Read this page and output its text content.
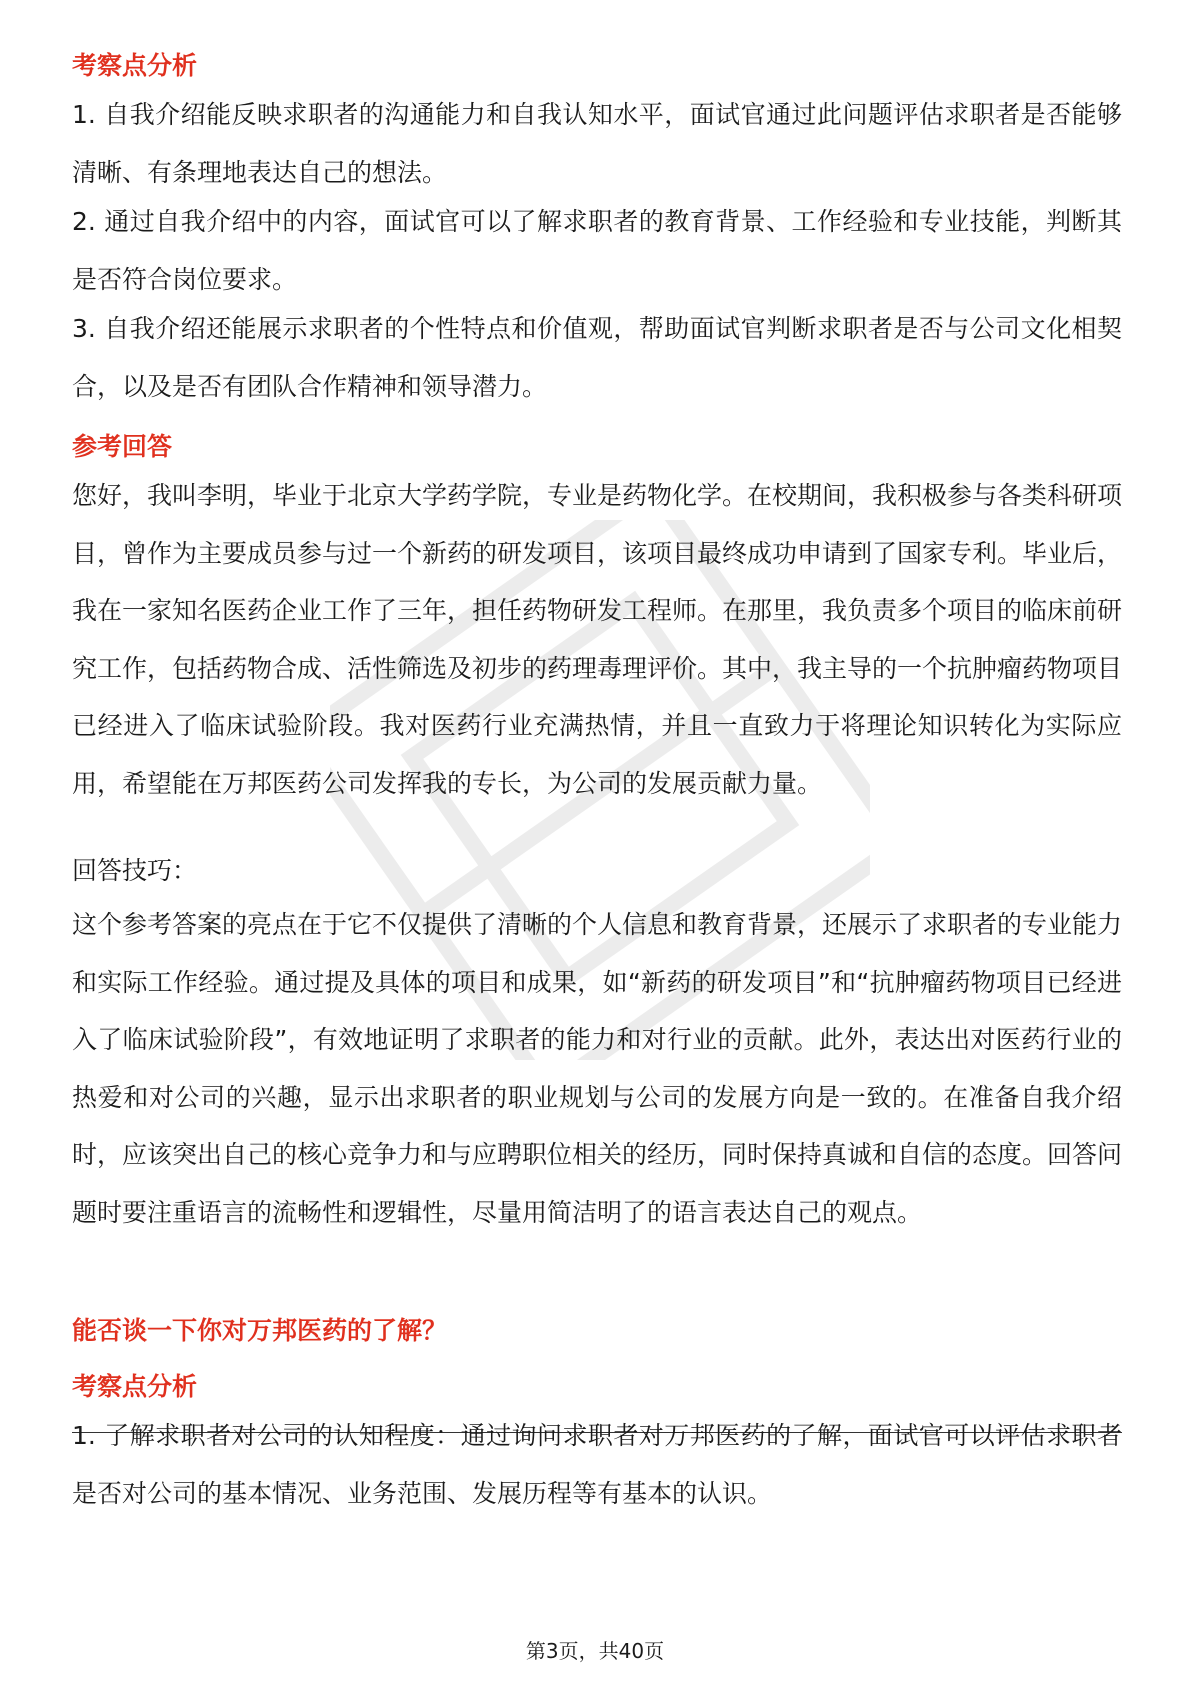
考察点分析

1. 自我介绍能反映求职者的沟通能力和自我认知水平，面试官通过此问题评估求职者是否能够清晰、有条理地表达自己的想法。

2. 通过自我介绍中的内容，面试官可以了解求职者的教育背景、工作经验和专业技能，判断其是否符合岗位要求。

3. 自我介绍还能展示求职者的个性特点和价值观，帮助面试官判断求职者是否与公司文化相契合，以及是否有团队合作精神和领导潜力。

参考回答

您好，我叫李明，毕业于北京大学药学院，专业是药物化学。在校期间，我积极参与各类科研项目，曾作为主要成员参与过一个新药的研发项目，该项目最终成功申请到了国家专利。毕业后，我在一家知名医药企业工作了三年，担任药物研发工程师。在那里，我负责多个项目的临床前研究工作，包括药物合成、活性筛选及初步的药理毒理评价。其中，我主导的一个抗肿瘤药物项目已经进入了临床试验阶段。我对医药行业充满热情，并且一直致力于将理论知识转化为实际应用，希望能在万邦医药公司发挥我的专长，为公司的发展贡献力量。

回答技巧：

这个参考答案的亮点在于它不仅提供了清晰的个人信息和教育背景，还展示了求职者的专业能力和实际工作经验。通过提及具体的项目和成果，如“新药的研发项目”和“抗肿瘤药物项目已经进入了临床试验阶段”，有效地证明了求职者的能力和对行业的贡献。此外，表达出对医药行业的热爱和对公司的兴趣，显示出求职者的职业规划与公司的发展方向是一致的。在准备自我介绍时，应该突出自己的核心竞争力和与应聘职位相关的经历，同时保持真诚和自信的态度。回答问题时要注重语言的流畅性和逻辑性，尽量用简洁明了的语言表达自己的观点。

能否谈一下你对万邦医药的了解？
考察点分析

1. 了解求职者对公司的认知程度：通过询问求职者对万邦医药的了解，面试官可以评估求职者是否对公司的基本情况、业务范围、发展历程等有基本的认识。

第3页，共40页
